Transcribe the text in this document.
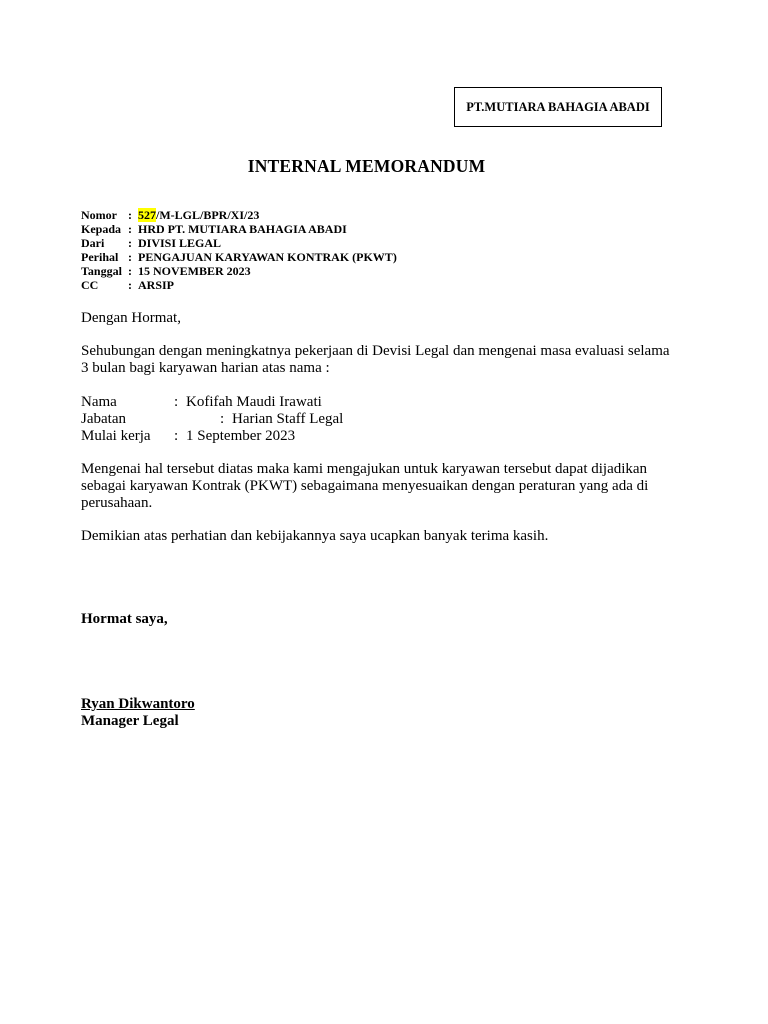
PT.MUTIARA BAHAGIA ABADI
INTERNAL MEMORANDUM
Nomor : 527/M-LGL/BPR/XI/23
Kepada : HRD PT. MUTIARA BAHAGIA ABADI
Dari : DIVISI LEGAL
Perihal : PENGAJUAN KARYAWAN KONTRAK (PKWT)
Tanggal : 15 NOVEMBER 2023
CC : ARSIP
Dengan Hormat,
Sehubungan dengan meningkatnya pekerjaan di Devisi Legal dan mengenai masa evaluasi selama 3 bulan bagi karyawan harian atas nama :
Nama	: Kofifah Maudi Irawati
Jabatan	: Harian Staff Legal
Mulai kerja : 1 September 2023
Mengenai hal tersebut diatas maka kami mengajukan untuk karyawan tersebut dapat dijadikan sebagai karyawan Kontrak (PKWT) sebagaimana menyesuaikan dengan peraturan yang ada di perusahaan.
Demikian atas perhatian dan kebijakannya saya ucapkan banyak terima kasih.
Hormat saya,
Ryan Dikwantoro
Manager Legal
